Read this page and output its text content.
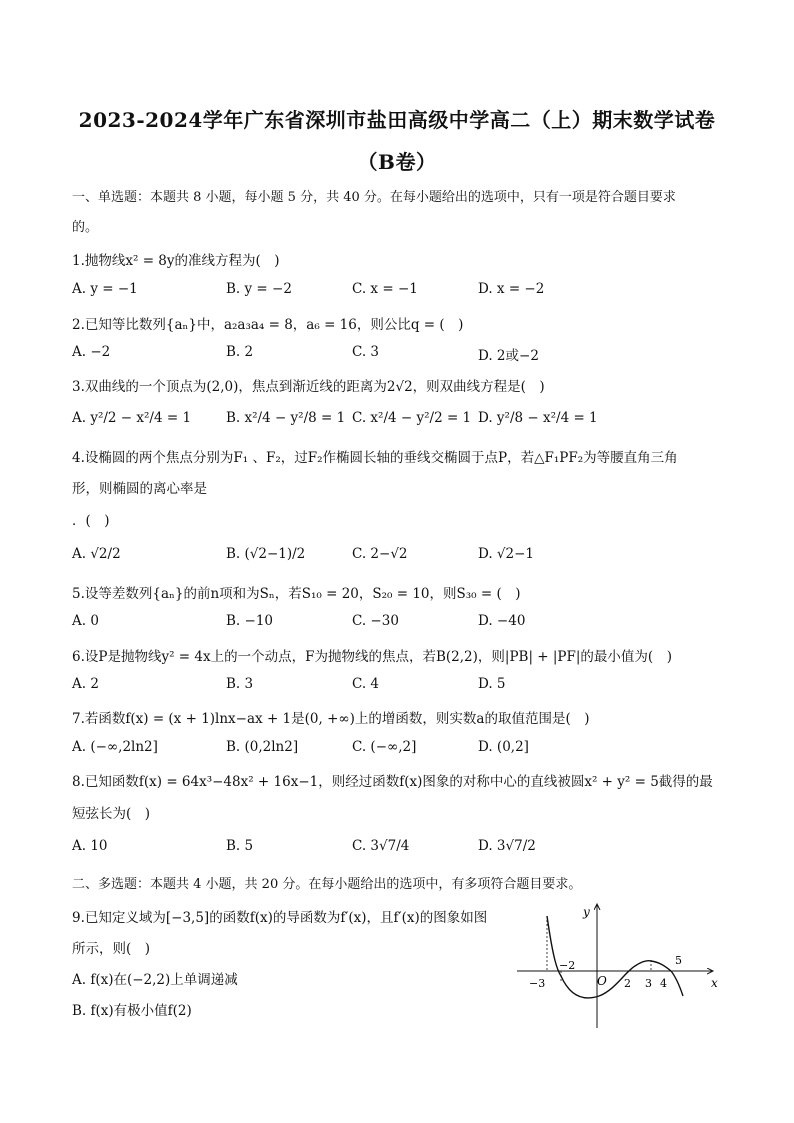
2023-2024学年广东省深圳市盐田高级中学高二（上）期末数学试卷
（B卷）
一、单选题：本题共 8 小题，每小题 5 分，共 40 分。在每小题给出的选项中，只有一项是符合题目要求
的。
1.抛物线x² = 8y的准线方程为(　)
A. y = −1	B. y = −2	C. x = −1	D. x = −2
2.已知等比数列{aₙ}中，a₂a₃a₄ = 8，a₆ = 16，则公比q = (　)
A. −2	B. 2	C. 3	D. 2或−2
3.双曲线的一个顶点为(2,0)，焦点到渐近线的距离为2√2，则双曲线方程是(　)
A. y²/2 − x²/4 = 1	B. x²/4 − y²/8 = 1 C. x²/4 − y²/2 = 1 D. y²/8 − x²/4 = 1
4.设椭圆的两个焦点分别为F₁ 、F₂，过F₂作椭圆长轴的垂线交椭圆于点P，若△F₁PF₂为等腰直角三角
形，则椭圆的离心率是
．(　)
A. √2/2	B. (√2−1)/2	C. 2−√2	D. √2−1
5.设等差数列{aₙ}的前n项和为Sₙ，若S₁₀ = 20，S₂₀ = 10，则S₃₀ = (　)
A. 0	B. −10	C. −30	D. −40
6.设P是抛物线y² = 4x上的一个动点，F为抛物线的焦点，若B(2,2)，则|PB| + |PF|的最小值为(　)
A. 2	B. 3	C. 4	D. 5
7.若函数f(x) = (x + 1)lnx−ax + 1是(0, +∞)上的增函数，则实数a的取值范围是(　)
A. (−∞,2ln2]	B. (0,2ln2]	C. (−∞,2]	D. (0,2]
8.已知函数f(x) = 64x³−48x² + 16x−1，则经过函数f(x)图象的对称中心的直线被圆x² + y² = 5截得的最
短弦长为(　)
A. 10	B. 5	C. 3√7/4	D. 3√7/2
二、多选题：本题共 4 小题，共 20 分。在每小题给出的选项中，有多项符合题目要求。
9.已知定义域为[−3,5]的函数f(x)的导函数为f′(x)，且f′(x)的图象如图
所示，则(　)
A. f(x)在(−2,2)上单调递减
B. f(x)有极小值f(2)
y
x
O
−3
−2
2 3 4
5
